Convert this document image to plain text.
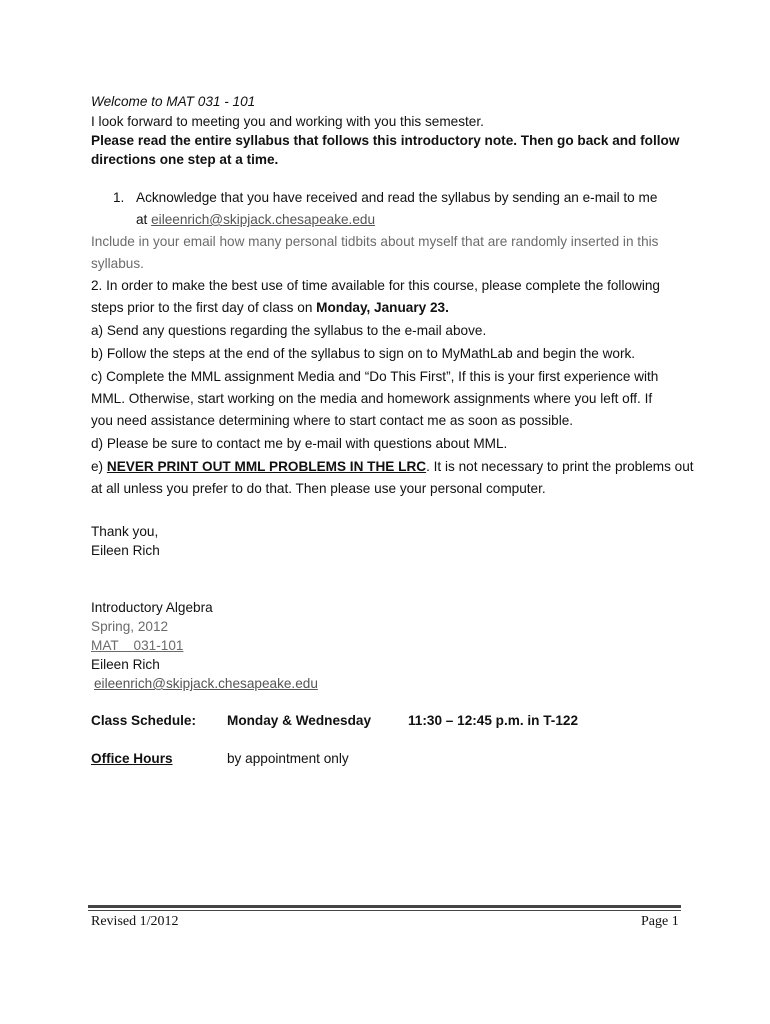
Welcome to MAT 031 - 101
I look forward to meeting you and working with you this semester.
Please read the entire syllabus that follows this introductory note. Then go back and follow
directions one step at a time.
1. Acknowledge that you have received and read the syllabus by sending an e-mail to me
at eileenrich@skipjack.chesapeake.edu
Include in your email how many personal tidbits about myself that are randomly inserted in this
syllabus.
2. In order to make the best use of time available for this course, please complete the following
steps prior to the first day of class on Monday, January 23.
a) Send any questions regarding the syllabus to the e-mail above.
b) Follow the steps at the end of the syllabus to sign on to MyMathLab and begin the work.
c) Complete the MML assignment Media and “Do This First”, If this is your first experience with
MML. Otherwise, start working on the media and homework assignments where you left off. If
you need assistance determining where to start contact me as soon as possible.
d) Please be sure to contact me by e-mail with questions about MML.
e) NEVER PRINT OUT MML PROBLEMS IN THE LRC. It is not necessary to print the problems out
at all unless you prefer to do that. Then please use your personal computer.
Thank you,
Eileen Rich
Introductory Algebra
Spring, 2012
MAT    031-101
Eileen Rich
eileenrich@skipjack.chesapeake.edu
Class Schedule: Monday & Wednesday	11:30 – 12:45 p.m. in T-122
Office Hours	by appointment only
Revised 1/2012	Page 1
